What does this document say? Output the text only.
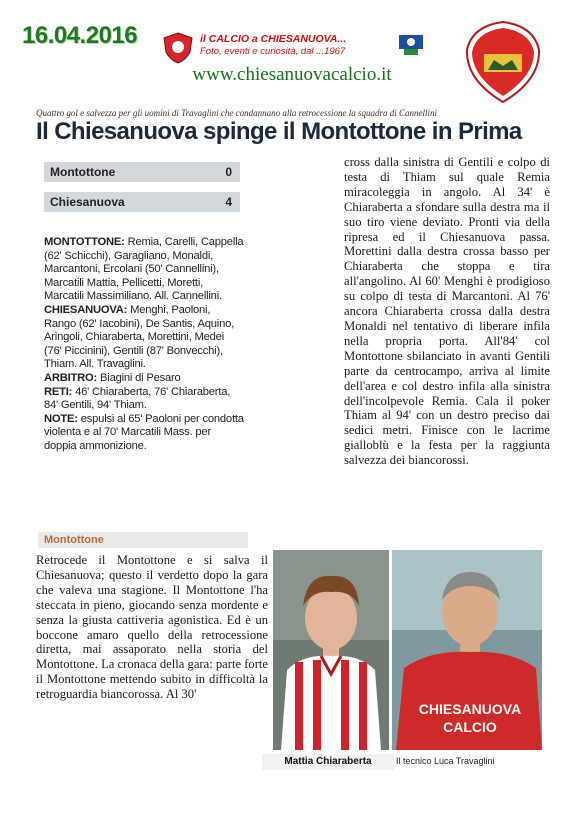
16.04.2016	il CALCIO a CHIESANUOVA...
Foto, eventi e curiosità, dal ...1967
www.chiesanuovacalcio.it
Quattro gol e salvezza per gli uomini di Travaglini che condannano alla retrocessione la squadra di Cannellini
Il Chiesanuova spinge il Montottone in Prima
Montottone	0
Chiesanuova	4

MONTOTTONE: Remia, Carelli, Cappella (62' Schicchi), Garagliano, Monaldi, Marcantoni, Ercolani (50' Cannellini), Marcatili Mattia, Pellicetti, Moretti, Marcatili Massimiliano. All. Cannellini.

CHIESANUOVA: Menghi, Paoloni, Rango (62' Iacobini), De Santis, Aquino, Aringoli, Chiaraberta, Morettini, Medei (76' Piccinini), Gentili (87' Bonvecchi), Thiam. All. Travaglini.

ARBITRO: Biagini di Pesaro

RETI: 46' Chiaraberta, 76' Chiaraberta, 84' Gentili, 94' Thiam.

NOTE: espulsi al 65' Paoloni per condotta violenta e al 70' Marcatili Mass. per doppia ammonizione.

Montottone

Retrocede il Montottone e si salva il Chiesanuova; questo il verdetto dopo la gara che valeva una stagione. Il Montottone l'ha steccata in pieno, giocando senza mordente e senza la giusta cattiveria agonistica. Ed è un boccone amaro quello della retrocessione diretta, mai assaporato nella storia del Montottone. La cronaca della gara: parte forte il Montottone mettendo subito in difficoltà la retroguardia biancorossa. Al 30'

cross dalla sinistra di Gentili e colpo di testa di Thiam sul quale Remia miracoleggia in angolo. Al 34' è Chiaraberta a sfondare sulla destra ma il suo tiro viene deviato. Pronti via della ripresa ed il Chiesanuova passa. Morettini dalla destra crossa basso per Chiaraberta che stoppa e tira all'angolino. Al 60' Menghi è prodigioso su colpo di testa di Marcantoni. Al 76' ancora Chiaraberta crossa dalla destra Monaldi nel tentativo di liberare infila nella propria porta. All'84' col Montottone sbilanciato in avanti Gentili parte da centrocampo, arriva al limite dell'area e col destro infila alla sinistra dell'incolpevole Remia. Cala il poker Thiam al 94' con un destro preciso dai sedici metri. Finisce con le lacrime gialloblù e la festa per la raggiunta salvezza dei biancorossi.

CHIESANUOVA
CALCIO
Mattia Chiaraberta	Il tecnico Luca Travaglini
